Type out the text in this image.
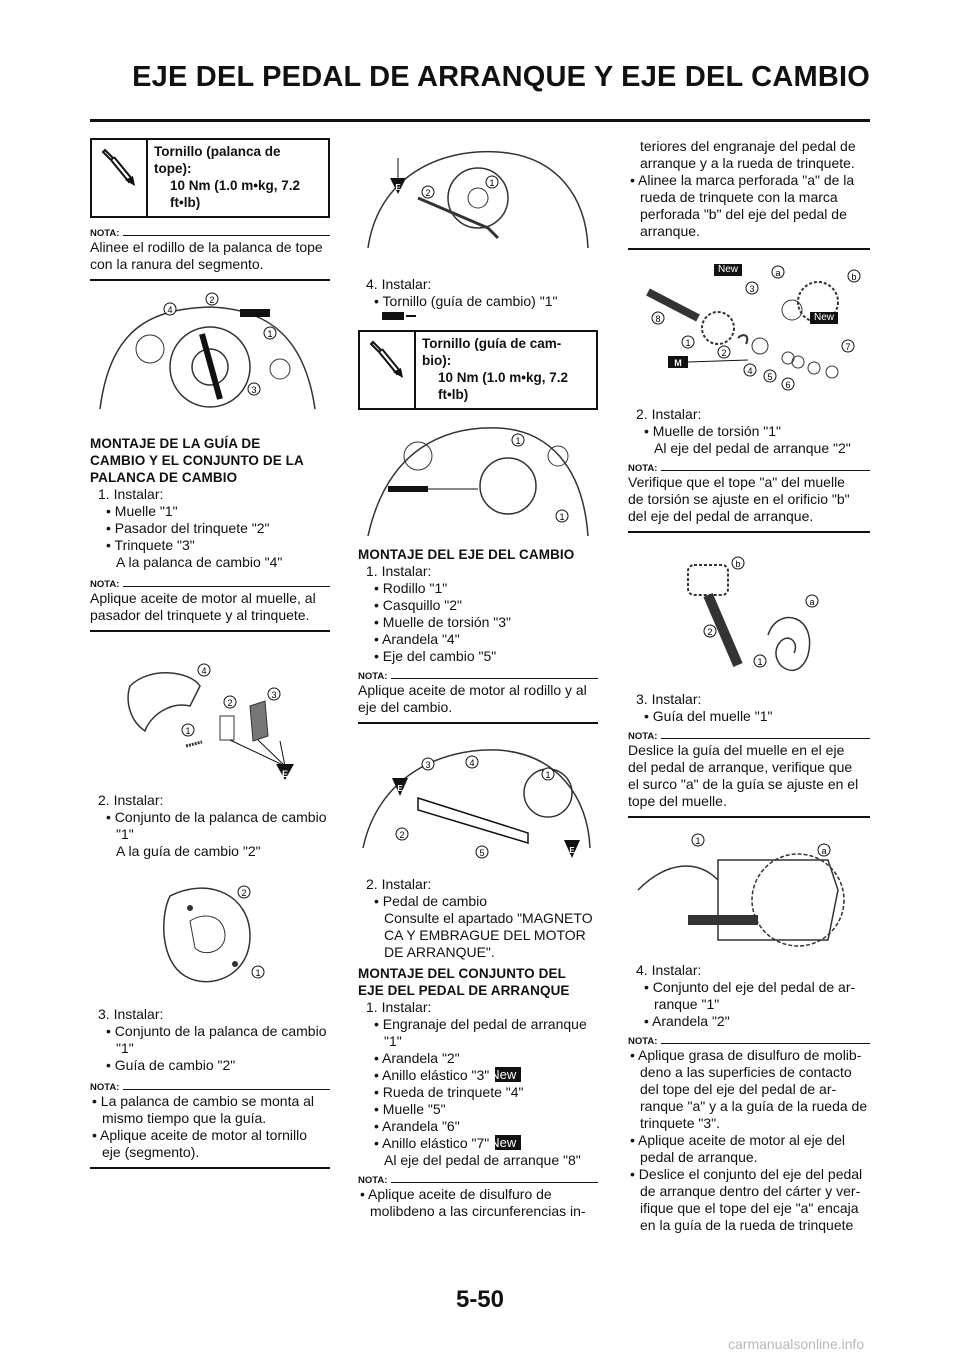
EJE DEL PEDAL DE ARRANQUE Y EJE DEL CAMBIO
Tornillo (palanca de
tope):
10 Nm (1.0 m•kg, 7.2
ft•lb)
NOTA:
Alinee el rodillo de la palanca de tope
con la ranura del segmento.
4
2
1
3
MONTAJE DE LA GUÍA DE
CAMBIO Y EL CONJUNTO DE LA
PALANCA DE CAMBIO
1. Instalar:
• Muelle "1"
• Pasador del trinquete "2"
• Trinquete "3"
A la palanca de cambio "4"
NOTA:
Aplique aceite de motor al muelle, al
pasador del trinquete y al trinquete.
4
2
3
1
E
2. Instalar:
• Conjunto de la palanca de cambio
"1"
A la guía de cambio "2"
2
1
3. Instalar:
• Conjunto de la palanca de cambio
"1"
• Guía de cambio "2"
NOTA:
• La palanca de cambio se monta al
mismo tiempo que la guía.
• Aplique aceite de motor al tornillo
eje (segmento).
E
2
1
4. Instalar:
• Tornillo (guía de cambio) "1"
Tornillo (guía de cam-
bio):
10 Nm (1.0 m•kg, 7.2
ft•lb)
1
1
MONTAJE DEL EJE DEL CAMBIO
1. Instalar:
• Rodillo "1"
• Casquillo "2"
• Muelle de torsión "3"
• Arandela "4"
• Eje del cambio "5"
NOTA:
Aplique aceite de motor al rodillo y al
eje del cambio.
E
E
3	4
1
2
5
2. Instalar:
• Pedal de cambio
Consulte el apartado "MAGNETO
CA Y EMBRAGUE DEL MOTOR
DE ARRANQUE".
MONTAJE DEL CONJUNTO DEL
EJE DEL PEDAL DE ARRANQUE
1. Instalar:
• Engranaje del pedal de arranque
"1"
• Arandela "2"
• Anillo elástico "3"New
• Rueda de trinquete "4"
• Muelle "5"
• Arandela "6"
• Anillo elástico "7"New
Al eje del pedal de arranque "8"
NOTA:
• Aplique aceite de disulfuro de
molibdeno a las circunferencias in-
teriores del engranaje del pedal de
arranque y a la rueda de trinquete.
• Alinee la marca perforada "a" de la
rueda de trinquete con la marca
perforada "b" del eje del pedal de
arranque.
M
8
1
2
3
4
5
6
7
a	b
New
New
2. Instalar:
• Muelle de torsión "1"
Al eje del pedal de arranque "2"
NOTA:
Verifique que el tope "a" del muelle
de torsión se ajuste en el orificio "b"
del eje del pedal de arranque.
b
a
2
1
3. Instalar:
• Guía del muelle "1"
NOTA:
Deslice la guía del muelle en el eje
del pedal de arranque, verifique que
el surco "a" de la guía se ajuste en el
tope del muelle.
1
a
4. Instalar:
• Conjunto del eje del pedal de ar-
ranque "1"
• Arandela "2"
NOTA:
• Aplique grasa de disulfuro de molib-
deno a las superficies de contacto
del tope del eje del pedal de ar-
ranque "a" y a la guía de la rueda de
trinquete "3".
• Aplique aceite de motor al eje del
pedal de arranque.
• Deslice el conjunto del eje del pedal
de arranque dentro del cárter y ver-
ifique que el tope del eje "a" encaja
en la guía de la rueda de trinquete
5-50
carmanualsonline.info
